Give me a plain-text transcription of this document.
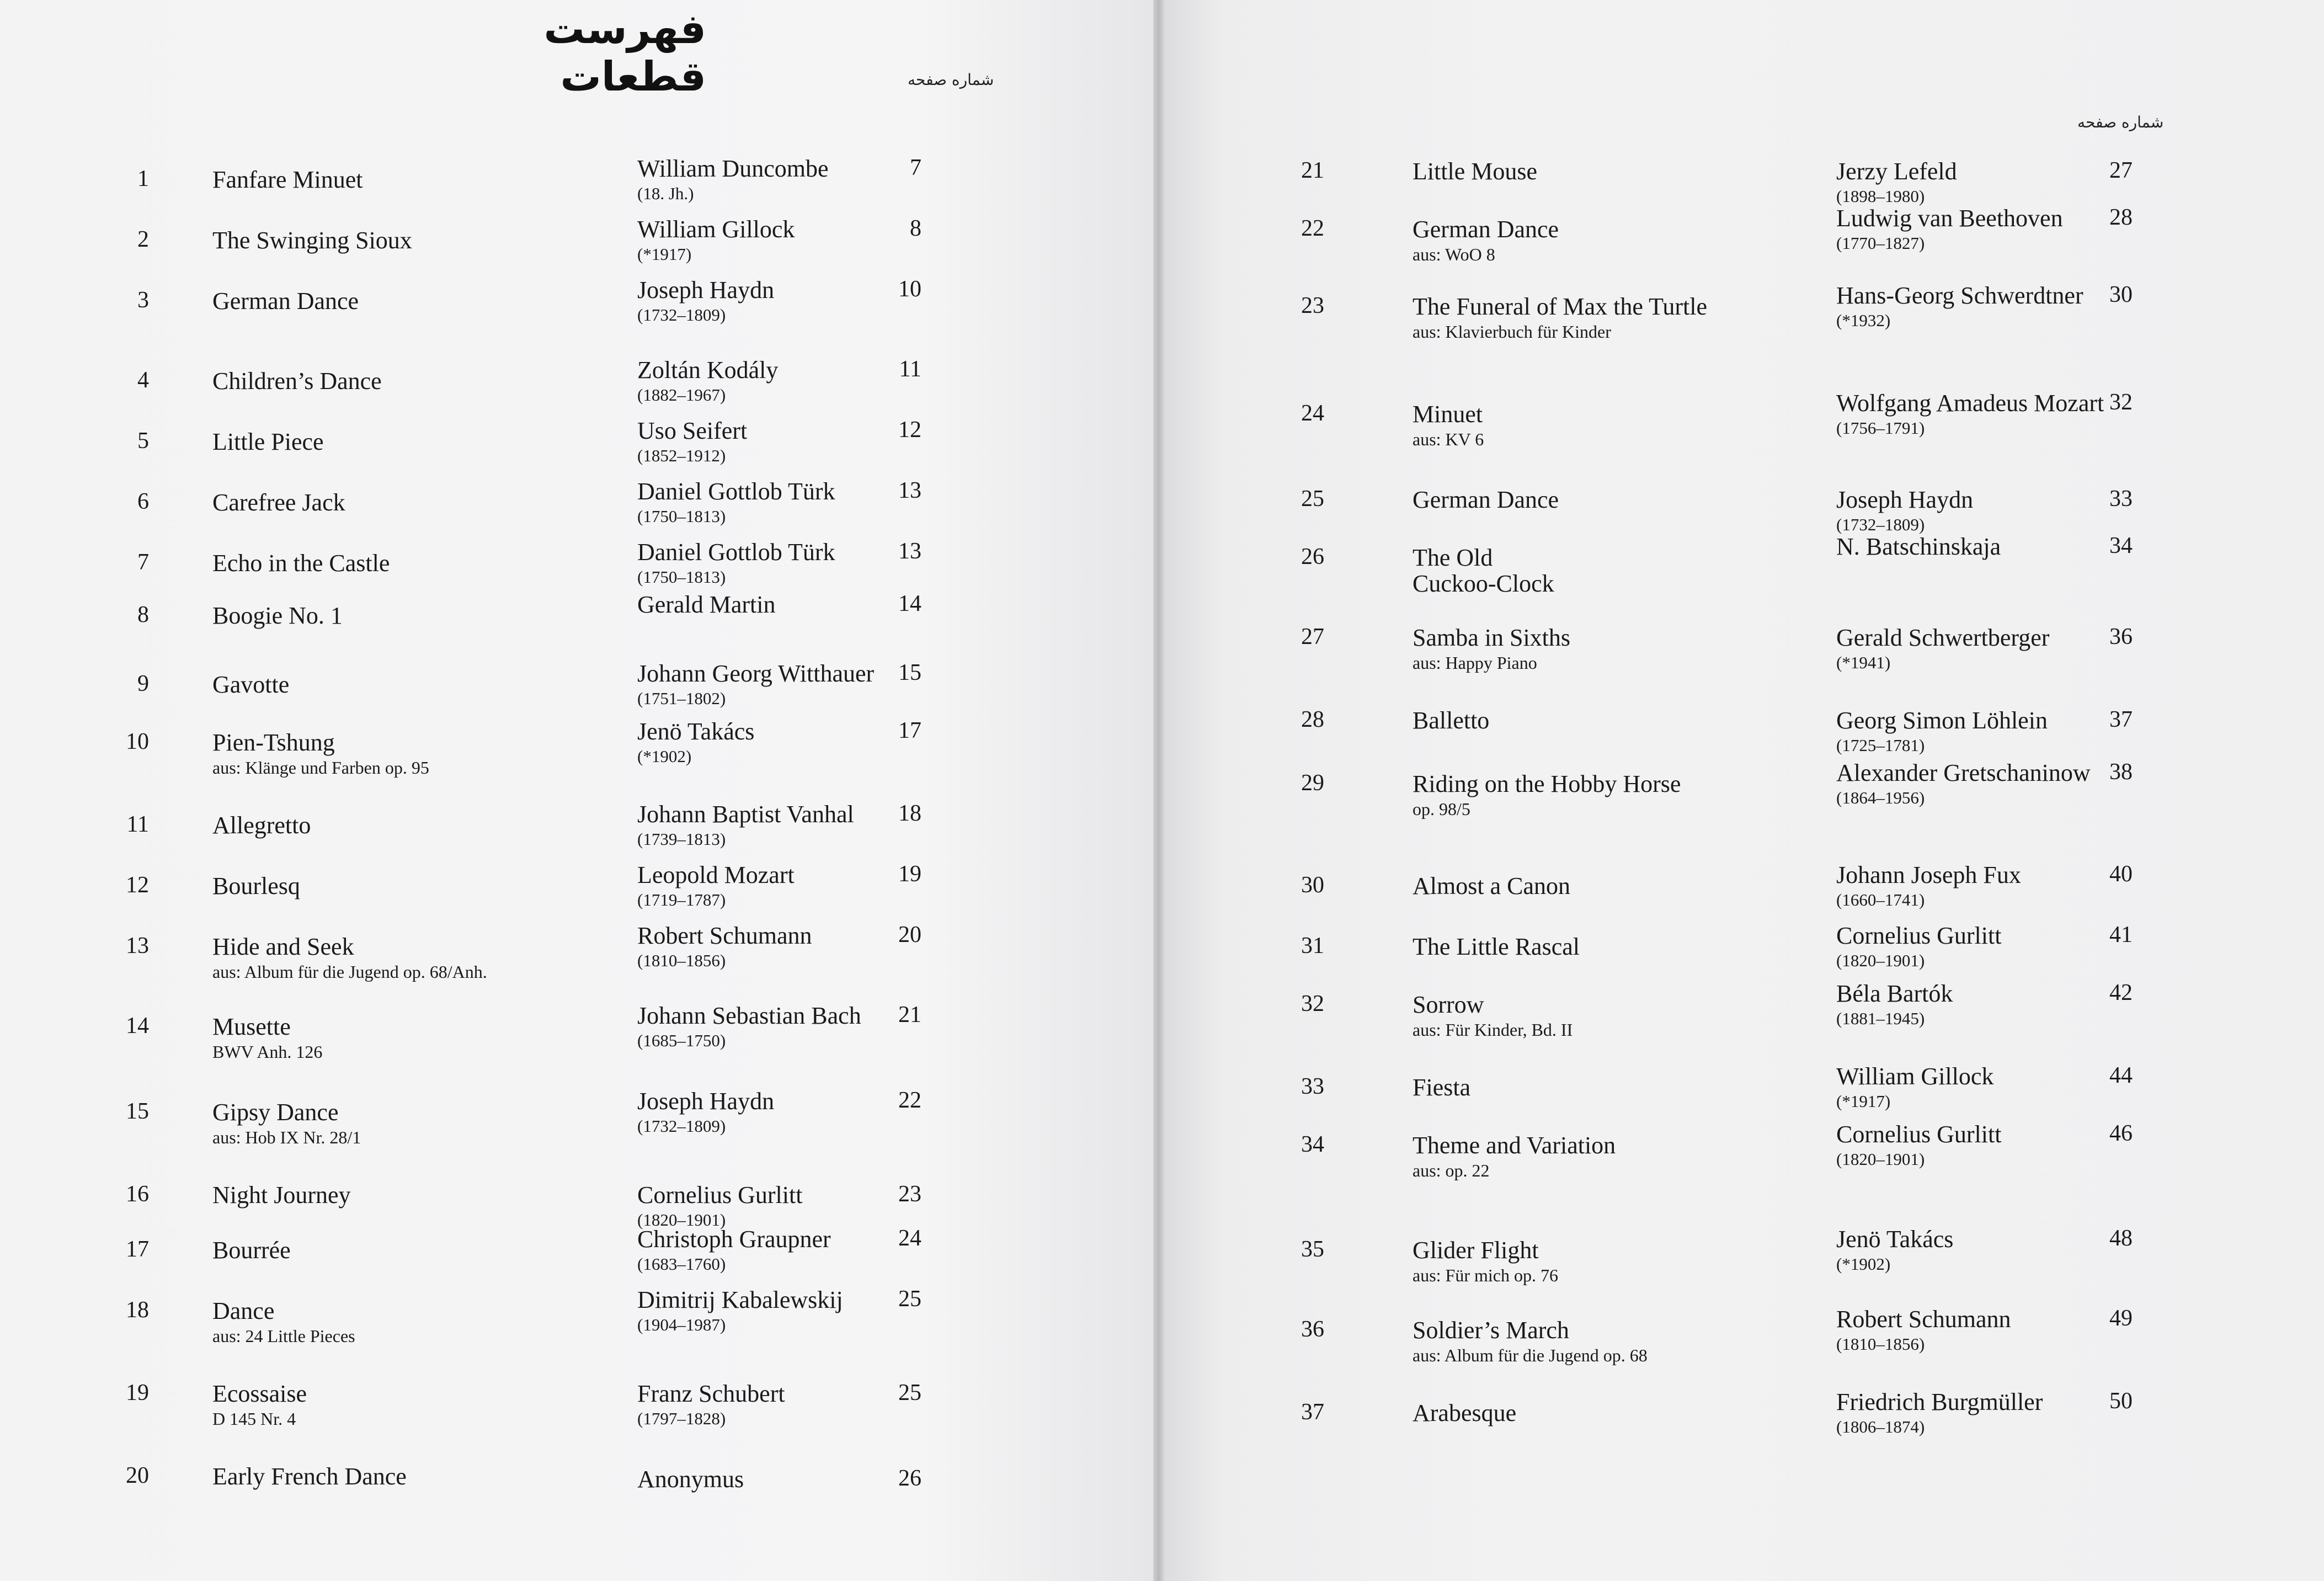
فهرست قطعات	شماره صفحه
1	Fanfare Minuet	William Duncombe
(18. Jh.)
7
2	The Swinging Sioux	William Gillock
(*1917)
8
3	German Dance	Joseph Haydn
(1732–1809)
10
4	Children’s Dance	Zoltán Kodály
(1882–1967)
11
5	Little Piece	Uso Seifert
(1852–1912)
12
6	Carefree Jack	Daniel Gottlob Türk
(1750–1813)
13
7	Echo in the Castle	Daniel Gottlob Türk
(1750–1813)
13
8	Boogie No. 1	Gerald Martin	14
9	Gavotte	Johann Georg Witthauer
(1751–1802)
15
10	Pien-Tshung
aus: Klänge und Farben op. 95
Jenö Takács
(*1902)
17
11	Allegretto	Johann Baptist Vanhal
(1739–1813)
18
12	Bourlesq	Leopold Mozart
(1719–1787)
19
13	Hide and Seek
aus: Album für die Jugend op. 68/Anh.
Robert Schumann
(1810–1856)
20
14	Musette
BWV Anh. 126
Johann Sebastian Bach
(1685–1750)
21
15	Gipsy Dance
aus: Hob IX Nr. 28/1
Joseph Haydn
(1732–1809)
22
16	Night Journey	Cornelius Gurlitt
(1820–1901)
23
17	Bourrée	Christoph Graupner
(1683–1760)
24
18	Dance
aus: 24 Little Pieces
Dimitrij Kabalewskij
(1904–1987)
25
19	Ecossaise
D 145 Nr. 4
Franz Schubert
(1797–1828)
25
20	Early French Dance	Anonymus	26
شماره صفحه
21	Little Mouse	Jerzy Lefeld
(1898–1980)
27
22	German Dance
aus: WoO 8
Ludwig van Beethoven
(1770–1827)
28
23	The Funeral of Max the Turtle
aus: Klavierbuch für Kinder
Hans-Georg Schwerdtner
(*1932)
30
24	Minuet
aus: KV 6
Wolfgang Amadeus Mozart
(1756–1791)
32
25	German Dance	Joseph Haydn
(1732–1809)
33
26	The Old
Cuckoo-Clock
N. Batschinskaja	34
27	Samba in Sixths
aus: Happy Piano
Gerald Schwertberger
(*1941)
36
28	Balletto	Georg Simon Löhlein
(1725–1781)
37
29	Riding on the Hobby Horse
op. 98/5
Alexander Gretschaninow
(1864–1956)
38
30	Almost a Canon	Johann Joseph Fux
(1660–1741)
40
31	The Little Rascal	Cornelius Gurlitt
(1820–1901)
41
32	Sorrow
aus: Für Kinder, Bd. II
Béla Bartók
(1881–1945)
42
33	Fiesta	William Gillock
(*1917)
44
34	Theme and Variation
aus: op. 22
Cornelius Gurlitt
(1820–1901)
46
35	Glider Flight
aus: Für mich op. 76
Jenö Takács
(*1902)
48
36	Soldier’s March
aus: Album für die Jugend op. 68
Robert Schumann
(1810–1856)
49
37	Arabesque	Friedrich Burgmüller
(1806–1874)
50
